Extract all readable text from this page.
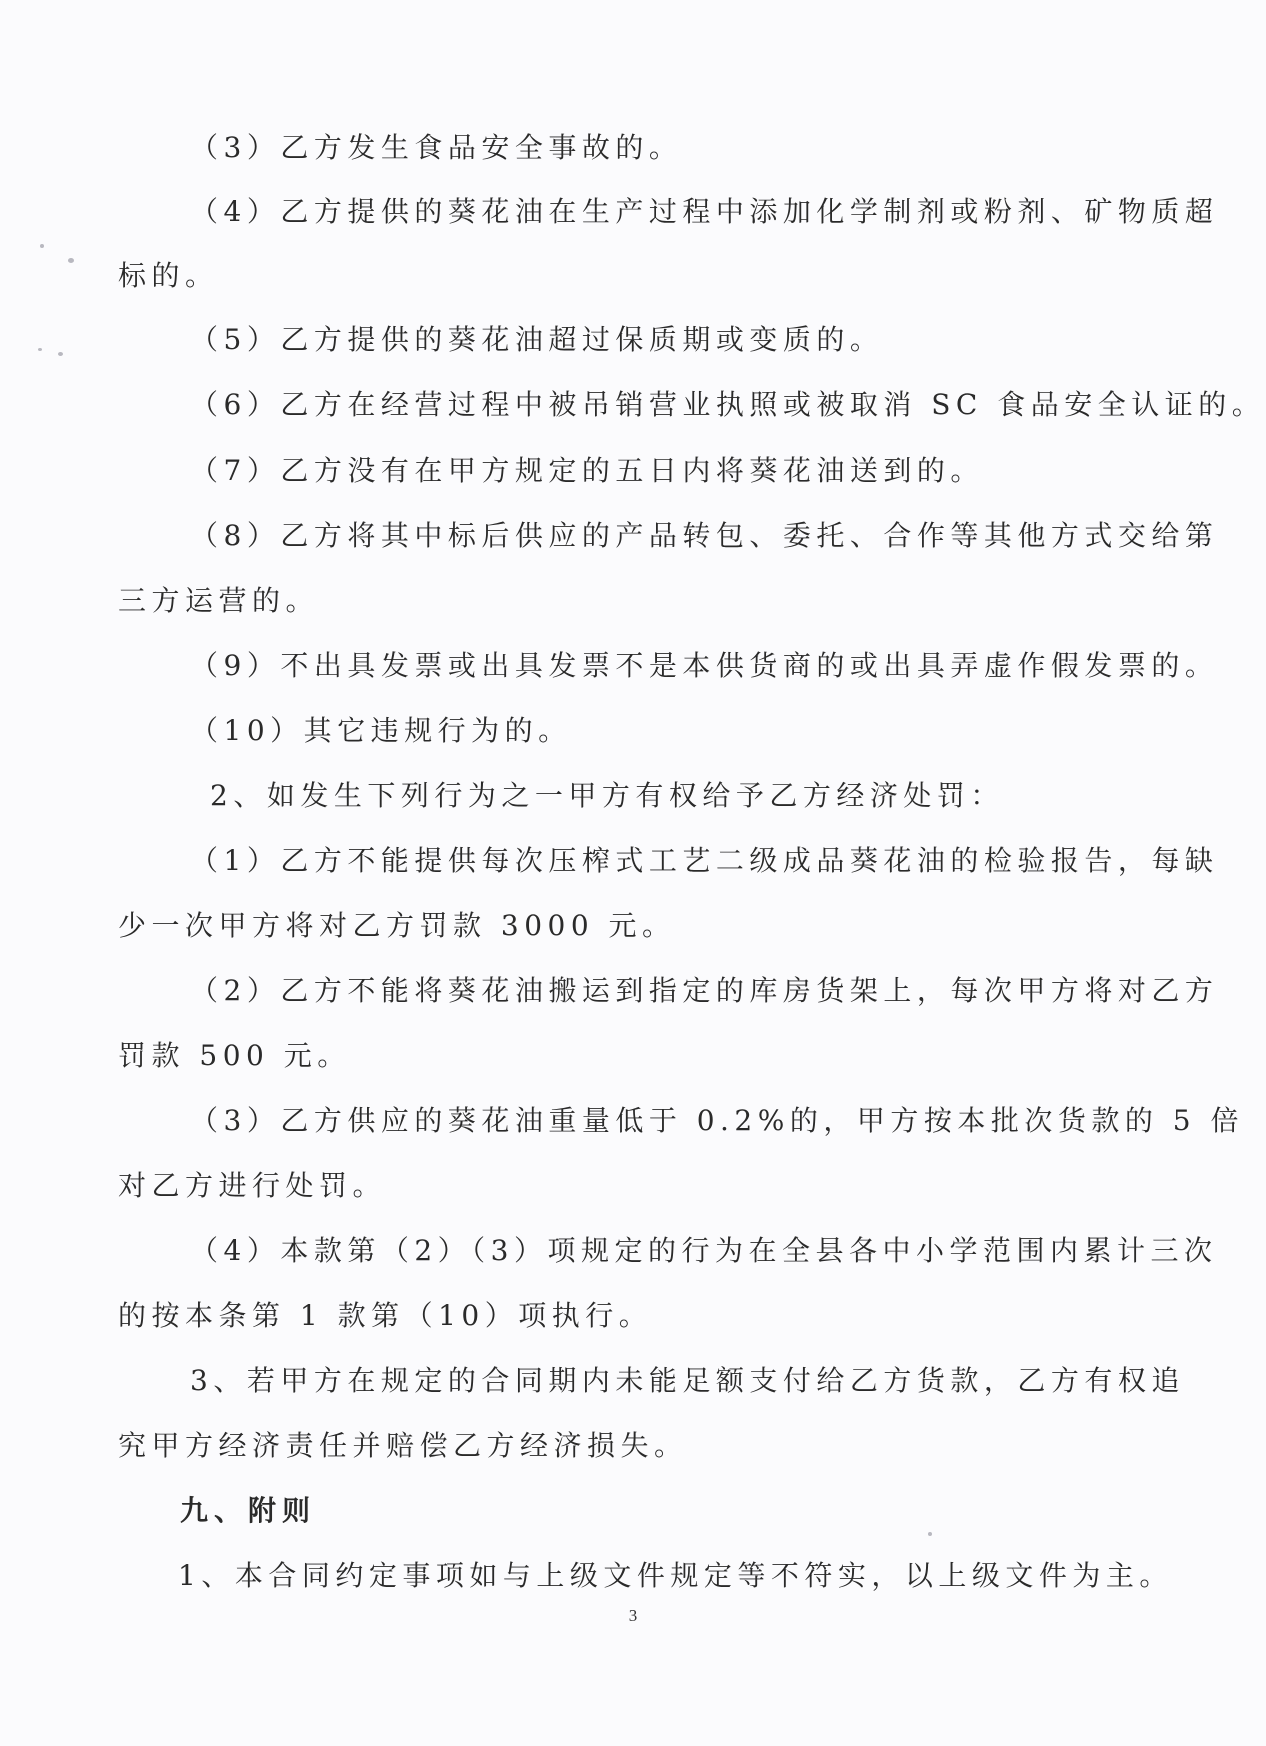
（3）乙方发生食品安全事故的。
（4）乙方提供的葵花油在生产过程中添加化学制剂或粉剂、矿物质超
标的。
（5）乙方提供的葵花油超过保质期或变质的。
（6）乙方在经营过程中被吊销营业执照或被取消 SC 食品安全认证的。
（7）乙方没有在甲方规定的五日内将葵花油送到的。
（8）乙方将其中标后供应的产品转包、委托、合作等其他方式交给第
三方运营的。
（9）不出具发票或出具发票不是本供货商的或出具弄虚作假发票的。
（10）其它违规行为的。
2、如发生下列行为之一甲方有权给予乙方经济处罚：
（1）乙方不能提供每次压榨式工艺二级成品葵花油的检验报告，每缺
少一次甲方将对乙方罚款 3000 元。
（2）乙方不能将葵花油搬运到指定的库房货架上，每次甲方将对乙方
罚款 500 元。
（3）乙方供应的葵花油重量低于 0.2%的，甲方按本批次货款的 5 倍
对乙方进行处罚。
（4）本款第（2）（3）项规定的行为在全县各中小学范围内累计三次
的按本条第 1 款第（10）项执行。
3、若甲方在规定的合同期内未能足额支付给乙方货款，乙方有权追
究甲方经济责任并赔偿乙方经济损失。
九、附则
1、本合同约定事项如与上级文件规定等不符实，以上级文件为主。
3
